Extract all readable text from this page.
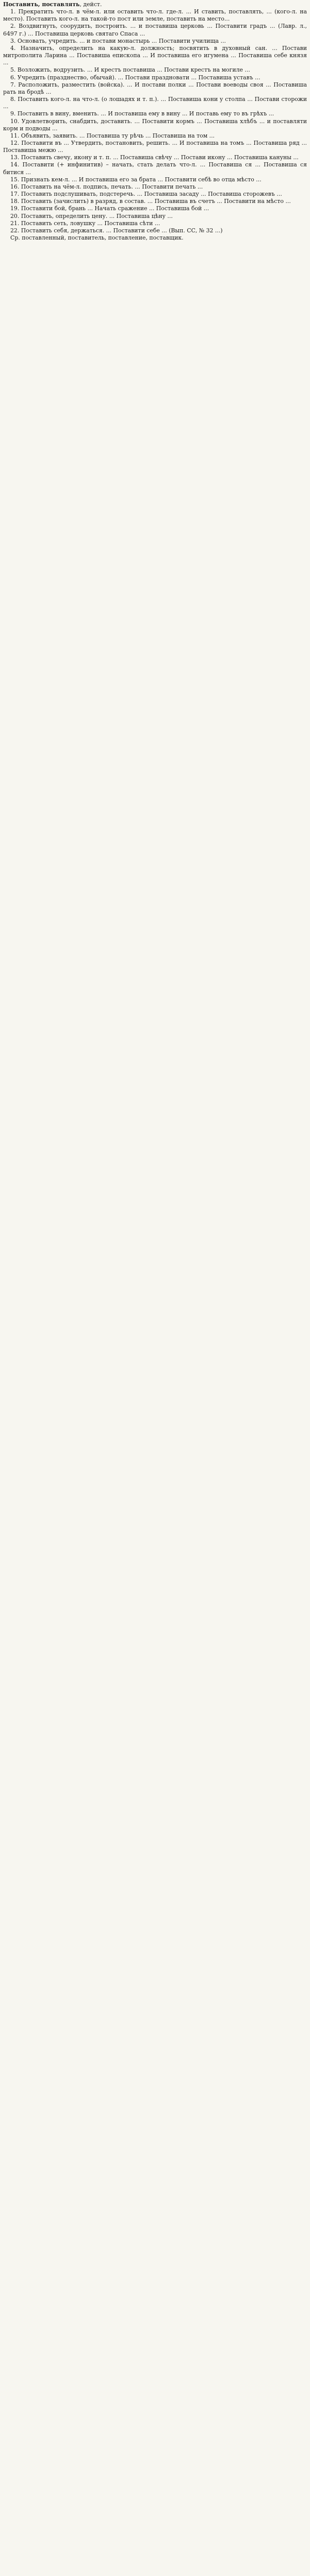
Поставить, поставлять, дейст.

1. Прекратить что-л. в чём-л. или оставить что-л. где-л. ... И ставить, поставлять, ... (кого-л. на место). Поставить кого-л. на такой-то пост или земле, поставить на место...

2. Воздвигнуть, соорудить, построить. ... и поставиша церковь ... Поставити градъ ... (Лавр. л., 6497 г.) ... Поставиша церковь святаго Спаса ...

3. Основать, учредить. ... и постави монастырь ... Поставити училища ...

4. Назначить, определить на какую-л. должность; посвятить в духовный сан. ... Постави митрополита Ларина ... Поставиша епископа ... И поставиша его игумена ... Поставиша себе князя ...

5. Возложить, водрузить. ... И крестъ поставиша ... Постави крестъ на могиле ...

6. Учредить (празднество, обычай). ... Постави праздновати ... Поставиша уставъ ...

7. Расположить, разместить (войска). ... И постави полки ... Постави воеводы своя ... Поставиша рать на бродѣ ...

8. Поставить кого-л. на что-л. (о лошадях и т. п.). ... Поставиша кони у столпа ... Постави сторожи ...

9. Поставить в вину, вменить. ... И поставиша ему в вину ... И поставь ему то въ грѣхъ ...

10. Удовлетворить, снабдить, доставить. ... Поставити кормъ ... Поставиша хлѣбъ ... и поставляти корм и подводы ...

11. Объявить, заявить. ... Поставиша ту рѣчь ... Поставиша на том ...

12. Поставити въ ... Утвердить, постановить, решить. ... И поставиша на томъ ... Поставиша ряд ... Поставиша межю ...

13. Поставить свечу, икону и т. п. ... Поставиша свѣчу ... Постави икону ... Поставиша кануны ...

14. Поставити (+ инфинитив) – начать, стать делать что-л. ... Поставиша ся ... Поставиша ся битися ...

15. Признать кем-л. ... И поставиша его за брата ... Поставити себѣ во отца мѣсто ...

16. Поставить на чём-л. подпись, печать. ... Поставити печать ...

17. Поставить подслушивать, подстеречь. ... Поставиша засаду ... Поставиша сторожевъ ...

18. Поставить (зачислить) в разряд, в состав. ... Поставиша въ счетъ ... Поставити на мѣсто ...

19. Поставити бой, брань ... Начать сражение ... Поставиша бой ...

20. Поставить, определить цену. ... Поставиша цѣну ...

21. Поставить сеть, ловушку ... Поставиша сѣти ...

22. Поставить себя, держаться. ... Поставити себе ... (Вып. СС, № 32 ...)

Ср. поставленный, поставитель, поставление, поставщик.
